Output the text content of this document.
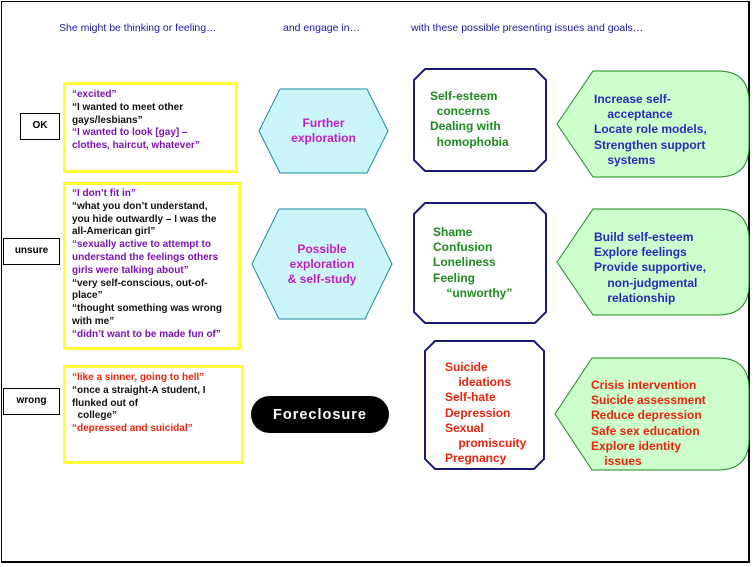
She might be thinking or feeling…	and engage in…	with these possible presenting issues and goals…
OK
unsure
wrong
“excited”
“I wanted to meet other
gays/lesbians”
“I wanted to look [gay] –
clothes, haircut, whatever”
“I don’t fit in”
“what you don’t understand,
you hide outwardly – I was the
all-American girl”
“sexually active to attempt to
understand the feelings others
girls were talking about”
“very self-conscious, out-of-
place”
“thought something was wrong
with me”
“didn’t want to be made fun of”
“like a sinner, going to hell”
“once a straight-A student, I
flunked out of
college”
“depressed and suicidal”
Further
exploration
Possible
exploration
& self-study
Foreclosure
Self-esteem
concerns
Dealing with
homophobia
Shame
Confusion
Loneliness
Feeling
“unworthy”
Suicide
ideations
Self-hate
Depression
Sexual
promiscuity
Pregnancy
Increase self-
acceptance
Locate role models,
Strengthen support
systems
Build self-esteem
Explore feelings
Provide supportive,
non-judgmental
relationship
Crisis intervention
Suicide assessment
Reduce depression
Safe sex education
Explore identity
issues
